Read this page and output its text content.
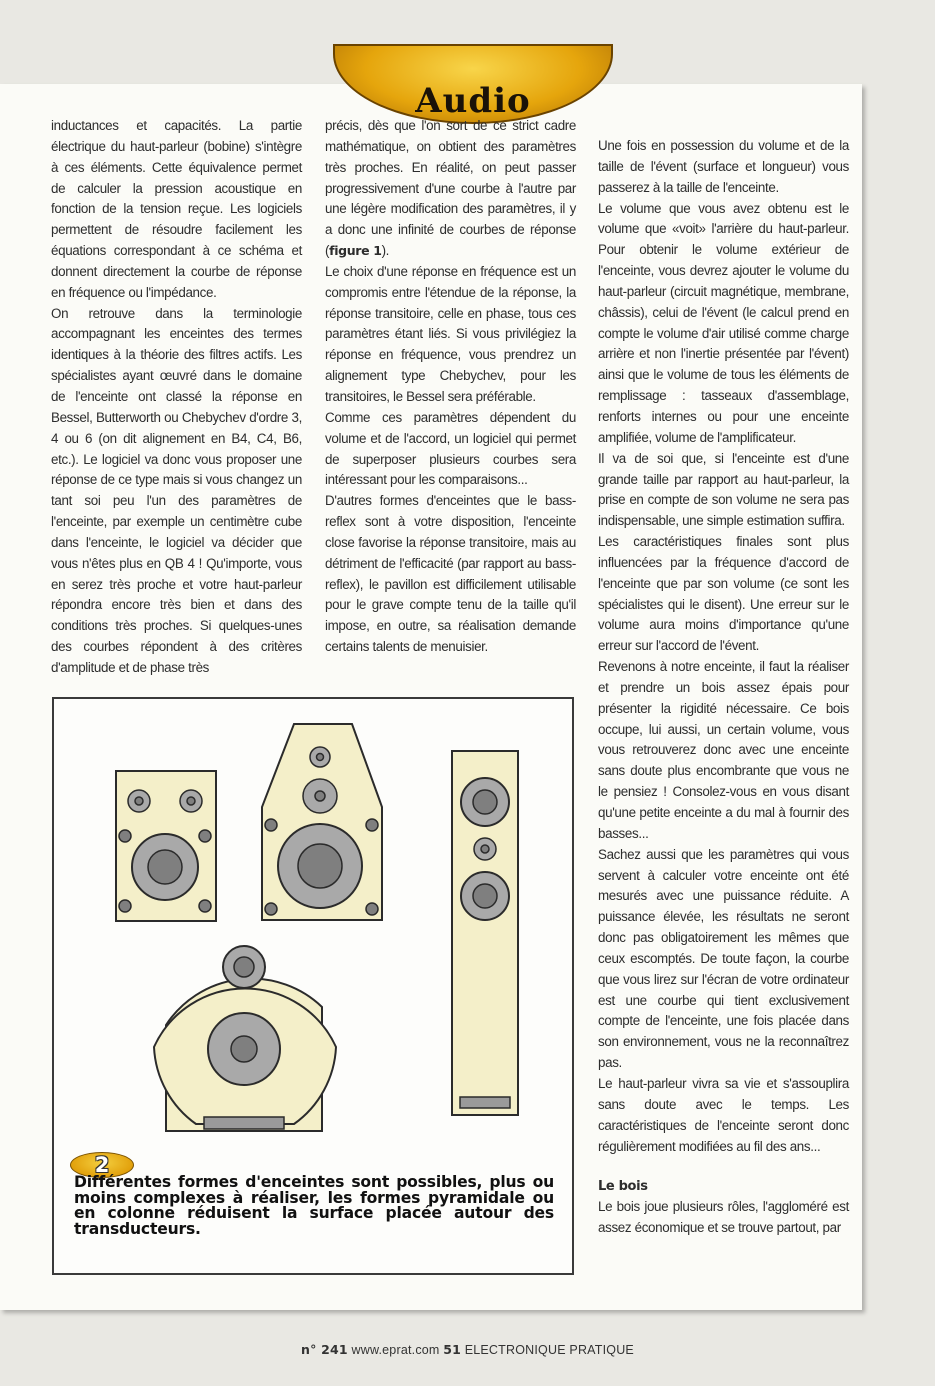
Audio

inductances et capacités. La partie électrique du haut-parleur (bobine) s'intègre à ces éléments. Cette équivalence permet de calculer la pression acoustique en fonction de la tension reçue. Les logiciels permettent de résoudre facilement les équations correspondant à ce schéma et donnent directement la courbe de réponse en fréquence ou l'impédance.

On retrouve dans la terminologie accompagnant les enceintes des termes identiques à la théorie des filtres actifs. Les spécialistes ayant œuvré dans le domaine de l'enceinte ont classé la réponse en Bessel, Butterworth ou Chebychev d'ordre 3, 4 ou 6 (on dit alignement en B4, C4, B6, etc.). Le logiciel va donc vous proposer une réponse de ce type mais si vous changez un tant soi peu l'un des paramètres de l'enceinte, par exemple un centimètre cube dans l'enceinte, le logiciel va décider que vous n'êtes plus en QB 4 ! Qu'importe, vous en serez très proche et votre haut-parleur répondra encore très bien et dans des conditions très proches. Si quelques-unes des courbes répondent à des critères d'amplitude et de phase très

précis, dès que l'on sort de ce strict cadre mathématique, on obtient des paramètres très proches. En réalité, on peut passer progressivement d'une courbe à l'autre par une légère modification des paramètres, il y a donc une infinité de courbes de réponse (figure 1).

Le choix d'une réponse en fréquence est un compromis entre l'étendue de la réponse, la réponse transitoire, celle en phase, tous ces paramètres étant liés. Si vous privilégiez la réponse en fréquence, vous prendrez un alignement type Chebychev, pour les transitoires, le Bessel sera préférable.

Comme ces paramètres dépendent du volume et de l'accord, un logiciel qui permet de superposer plusieurs courbes sera intéressant pour les comparaisons...

D'autres formes d'enceintes que le bass-reflex sont à votre disposition, l'enceinte close favorise la réponse transitoire, mais au détriment de l'efficacité (par rapport au bass-reflex), le pavillon est difficilement utilisable pour le grave compte tenu de la taille qu'il impose, en outre, sa réalisation demande certains talents de menuisier.

Une fois en possession du volume et de la taille de l'évent (surface et longueur) vous passerez à la taille de l'enceinte.

Le volume que vous avez obtenu est le volume que «voit» l'arrière du haut-parleur. Pour obtenir le volume extérieur de l'enceinte, vous devrez ajouter le volume du haut-parleur (circuit magnétique, membrane, châssis), celui de l'évent (le calcul prend en compte le volume d'air utilisé comme charge arrière et non l'inertie présentée par l'évent) ainsi que le volume de tous les éléments de remplissage : tasseaux d'assemblage, renforts internes ou pour une enceinte amplifiée, volume de l'amplificateur.

Il va de soi que, si l'enceinte est d'une grande taille par rapport au haut-parleur, la prise en compte de son volume ne sera pas indispensable, une simple estimation suffira.

Les caractéristiques finales sont plus influencées par la fréquence d'accord de l'enceinte que par son volume (ce sont les spécialistes qui le disent). Une erreur sur le volume aura moins d'importance qu'une erreur sur l'accord de l'évent.

Revenons à notre enceinte, il faut la réaliser et prendre un bois assez épais pour présenter la rigidité nécessaire. Ce bois occupe, lui aussi, un certain volume, vous vous retrouverez donc avec une enceinte sans doute plus encombrante que vous ne le pensiez ! Consolez-vous en vous disant qu'une petite enceinte a du mal à fournir des basses...

Sachez aussi que les paramètres qui vous servent à calculer votre enceinte ont été mesurés avec une puissance réduite. A puissance élevée, les résultats ne seront donc pas obligatoirement les mêmes que ceux escomptés. De toute façon, la courbe que vous lirez sur l'écran de votre ordinateur est une courbe qui tient exclusivement compte de l'enceinte, une fois placée dans son environnement, vous ne la reconnaîtrez pas.

Le haut-parleur vivra sa vie et s'assouplira sans doute avec le temps. Les caractéristiques de l'enceinte seront donc régulièrement modifiées au fil des ans...

Le bois

Le bois joue plusieurs rôles, l'aggloméré est assez économique et se trouve partout, par

2
Différentes formes d'enceintes sont possibles, plus ou moins complexes à réaliser, les formes pyramidale ou en colonne réduisent la surface placée autour des transducteurs.
n° 241 www.eprat.com 51 ELECTRONIQUE PRATIQUE
